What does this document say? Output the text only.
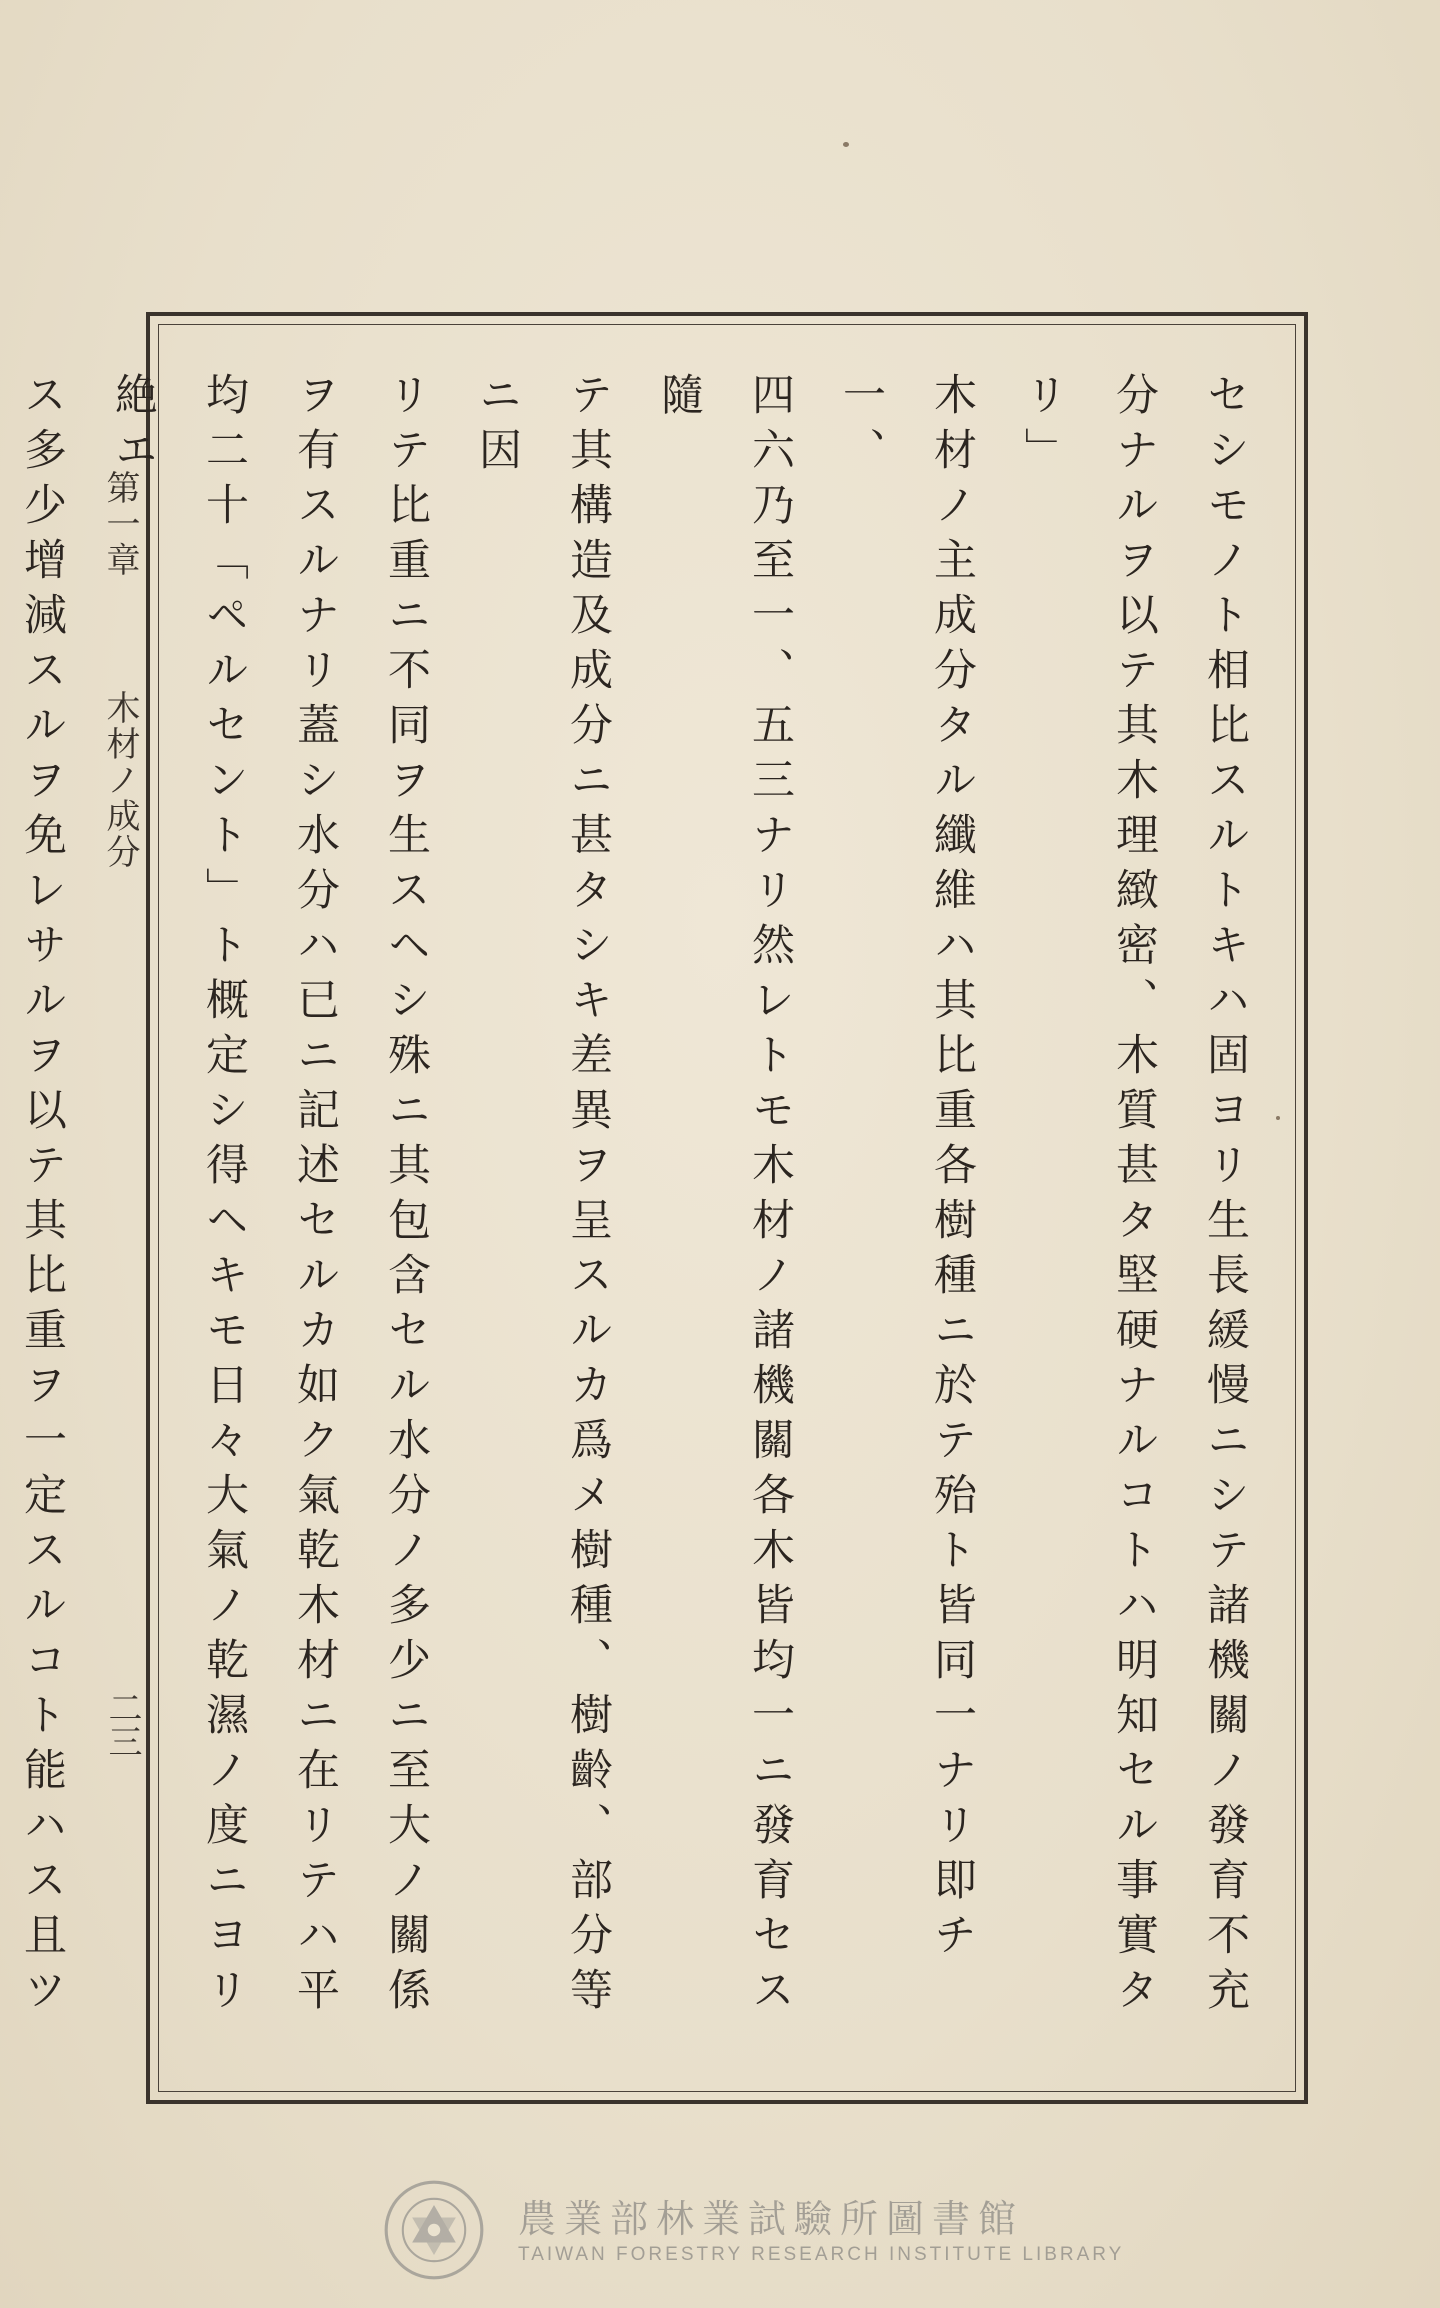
第一章 木材ノ成分
二三	セシモノト相比スルトキハ固ヨリ生長緩慢ニシテ諸機關ノ發育不充

分ナルヲ以テ其木理緻密、木質甚タ堅硬ナルコトハ明知セル事實タリ」

木材ノ主成分タル纖維ハ其比重各樹種ニ於テ殆ト皆同一ナリ即チ一、

四六乃至一、五三ナリ然レトモ木材ノ諸機關各木皆均一ニ發育セス隨

テ其構造及成分ニ甚タシキ差異ヲ呈スルカ爲メ樹種、樹齡、部分等ニ因

リテ比重ニ不同ヲ生スヘシ殊ニ其包含セル水分ノ多少ニ至大ノ關係

ヲ有スルナリ蓋シ水分ハ已ニ記述セルカ如ク氣乾木材ニ在リテハ平

均二十「ペルセント」ト概定シ得ヘキモ日々大氣ノ乾濕ノ度ニヨリ絶エ

ス多少增減スルヲ免レサルヲ以テ其比重ヲ一定スルコト能ハス且ツ

農業部林業試驗所圖書館
TAIWAN FORESTRY RESEARCH INSTITUTE LIBRARY
